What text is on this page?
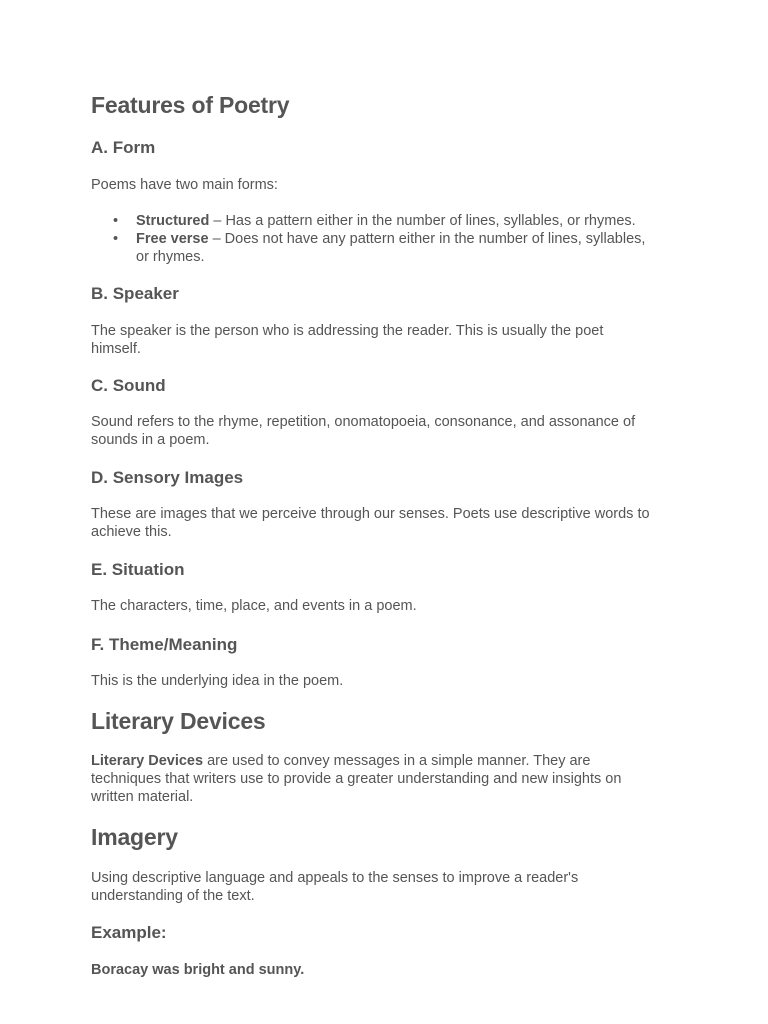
Features of Poetry
A. Form

Poems have two main forms:

• Structured – Has a pattern either in the number of lines, syllables, or rhymes.
• Free verse – Does not have any pattern either in the number of lines, syllables,
or rhymes.
B. Speaker

The speaker is the person who is addressing the reader. This is usually the poet
himself.

C. Sound

Sound refers to the rhyme, repetition, onomatopoeia, consonance, and assonance of
sounds in a poem.

D. Sensory Images

These are images that we perceive through our senses. Poets use descriptive words to
achieve this.

E. Situation

The characters, time, place, and events in a poem.

F. Theme/Meaning

This is the underlying idea in the poem.

Literary Devices

Literary Devices are used to convey messages in a simple manner. They are
techniques that writers use to provide a greater understanding and new insights on
written material.

Imagery

Using descriptive language and appeals to the senses to improve a reader's
understanding of the text.

Example:

Boracay was bright and sunny.
